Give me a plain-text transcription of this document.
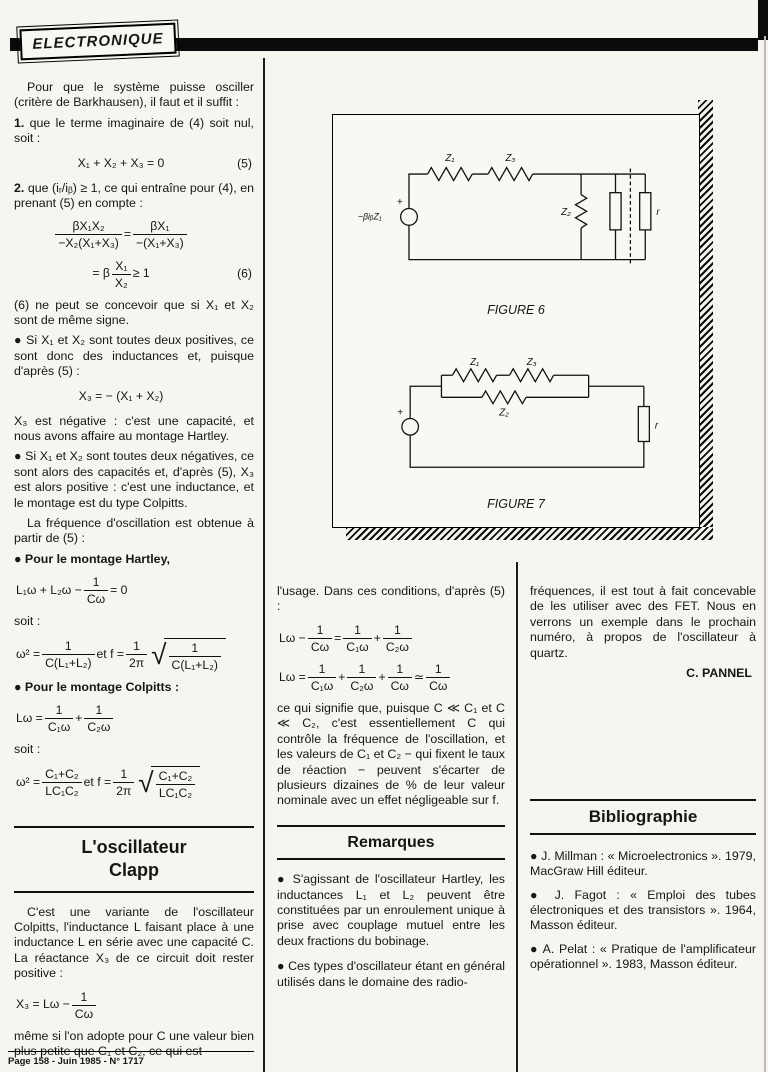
ELECTRONIQUE

Pour que le système puisse osciller (critère de Barkhausen), il faut et il suffit :

1. que le terme imaginaire de (4) soit nul, soit :

X₁ + X₂ + X₃ = 0	(5)

2. que (iᵣ/iᵦ) ≥ 1, ce qui entraîne pour (4), en prenant (5) en compte :

$\frac{\text{βX₁X₂}}{\text{−X₂(X₁+X₃)}} = \frac{\text{βX₁}}{\text{−(X₁+X₃)}}$
= β $\frac{\text{X₁}}{\text{X₂}} \ge 1$	(6)

(6) ne peut se concevoir que si X₁ et X₂ sont de même signe.

● Si X₁ et X₂ sont toutes deux positives, ce sont donc des inductances et, puisque d'après (5) :

X₃ = − (X₁ + X₂)

X₃ est négative : c'est une capacité, et nous avons affaire au montage Hartley.

● Si X₁ et X₂ sont toutes deux négatives, ce sont alors des capacités et, d'après (5), X₃ est alors positive : c'est une inductance, et le montage est du type Colpitts.

La fréquence d'oscillation est obtenue à partir de (5) :

● Pour le montage Hartley,

$L_1\omega + L_2\omega - \frac{1}{C\omega} = 0$

soit :

$\omega^2 = \frac{1}{\text{C(L₁+L₂)}}$ et $f = \frac{1}{2\pi}$ √ $\frac{1}{\text{C(L₁+L₂)}}$

● Pour le montage Colpitts :

$L\omega = \frac{1}{\text{C₁ω}} + \frac{1}{\text{C₂ω}}$

soit :

$\omega^2 = \frac{\text{C₁+C₂}}{\text{LC₁C₂}}$ et $f = \frac{1}{2\pi}$ √ $\frac{\text{C₁+C₂}}{\text{LC₁C₂}}$
L'oscillateur
Clapp

C'est une variante de l'oscillateur Colpitts, l'inductance L faisant place à une inductance L en série avec une capacité C. La réactance X₃ de ce circuit doit rester positive :

$X_3 = L\omega - \frac{1}{C\omega}$

même si l'on adopte pour C une valeur bien plus petite que C₁ et C₂, ce qui est

Z₁	Z₃
Z₂	r
−βiᵦZ₁
+
FIGURE 6
Z₁	Z₃
Z₂
r
+
FIGURE 7

l'usage. Dans ces conditions, d'après (5) :

$L\omega - \frac{1}{C\omega} = \frac{1}{\text{C₁ω}} + \frac{1}{\text{C₂ω}}$
$L\omega = \frac{1}{\text{C₁ω}} + \frac{1}{\text{C₂ω}} + \frac{1}{C\omega}$ ≃ $\frac{1}{C\omega}$

ce qui signifie que, puisque C ≪ C₁ et C ≪ C₂, c'est essentiellement C qui contrôle la fréquence de l'oscillation, et les valeurs de C₁ et C₂ − qui fixent le taux de réaction − peuvent s'écarter de plusieurs dizaines de % de leur valeur nominale avec un effet négligeable sur f.

Remarques

● S'agissant de l'oscillateur Hartley, les inductances L₁ et L₂ peuvent être constituées par un enroulement unique à prise avec couplage mutuel entre les deux fractions du bobinage.

● Ces types d'oscillateur étant en général utilisés dans le domaine des radio-

fréquences, il est tout à fait concevable de les utiliser avec des FET. Nous en verrons un exemple dans le prochain numéro, à propos de l'oscillateur à quartz.

C. PANNEL

Bibliographie

● J. Millman : « Microelectronics ». 1979, MacGraw Hill éditeur.

● J. Fagot : « Emploi des tubes électroniques et des transistors ». 1964, Masson éditeur.

● A. Pelat : « Pratique de l'amplificateur opérationnel ». 1983, Masson éditeur.

Page 158 - Juin 1985 - N° 1717
